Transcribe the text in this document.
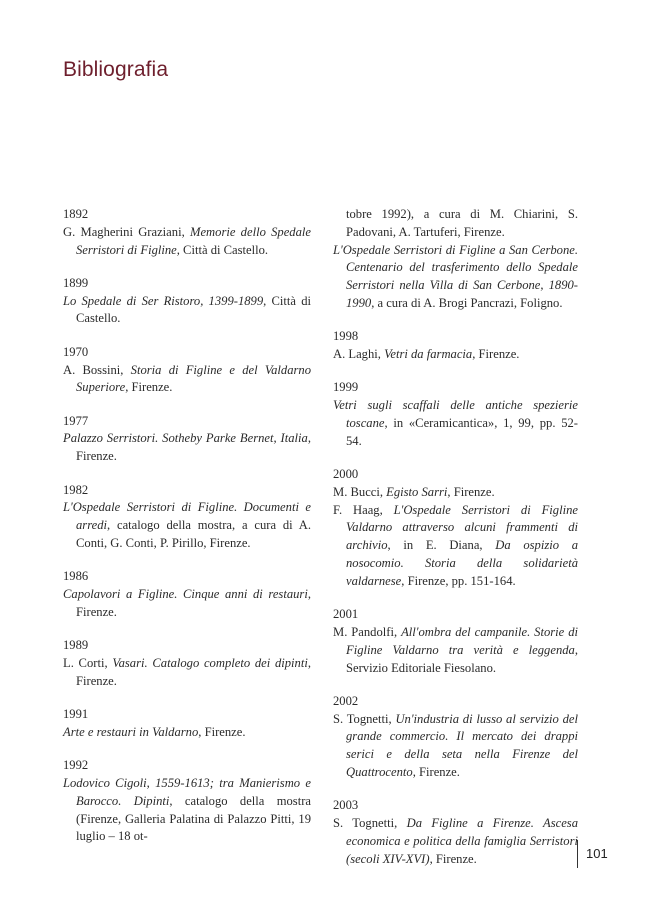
Bibliografia
1892
G. Magherini Graziani, Memorie dello Spedale Serristori di Figline, Città di Castello.
1899
Lo Spedale di Ser Ristoro, 1399-1899, Città di Castello.
1970
A. Bossini, Storia di Figline e del Valdarno Superiore, Firenze.
1977
Palazzo Serristori. Sotheby Parke Bernet, Italia, Firenze.
1982
L'Ospedale Serristori di Figline. Documenti e arredi, catalogo della mostra, a cura di A. Conti, G. Conti, P. Pirillo, Firenze.
1986
Capolavori a Figline. Cinque anni di restauri, Firenze.
1989
L. Corti, Vasari. Catalogo completo dei dipinti, Firenze.
1991
Arte e restauri in Valdarno, Firenze.
1992
Lodovico Cigoli, 1559-1613; tra Manierismo e Barocco. Dipinti, catalogo della mostra (Firenze, Galleria Palatina di Palazzo Pitti, 19 luglio – 18 ot-
tobre 1992), a cura di M. Chiarini, S. Padovani, A. Tartuferi, Firenze.
L'Ospedale Serristori di Figline a San Cerbone. Centenario del trasferimento dello Spedale Serristori nella Villa di San Cerbone, 1890-1990, a cura di A. Brogi Pancrazi, Foligno.
1998
A. Laghi, Vetri da farmacia, Firenze.
1999
Vetri sugli scaffali delle antiche spezierie toscane, in «Ceramicantica», 1, 99, pp. 52-54.
2000
M. Bucci, Egisto Sarri, Firenze.
F. Haag, L'Ospedale Serristori di Figline Valdarno attraverso alcuni frammenti di archivio, in E. Diana, Da ospizio a nosocomio. Storia della solidarietà valdarnese, Firenze, pp. 151-164.
2001
M. Pandolfi, All'ombra del campanile. Storie di Figline Valdarno tra verità e leggenda, Servizio Editoriale Fiesolano.
2002
S. Tognetti, Un'industria di lusso al servizio del grande commercio. Il mercato dei drappi serici e della seta nella Firenze del Quattrocento, Firenze.
2003
S. Tognetti, Da Figline a Firenze. Ascesa economica e politica della famiglia Serristori (secoli XIV-XVI), Firenze.	101
